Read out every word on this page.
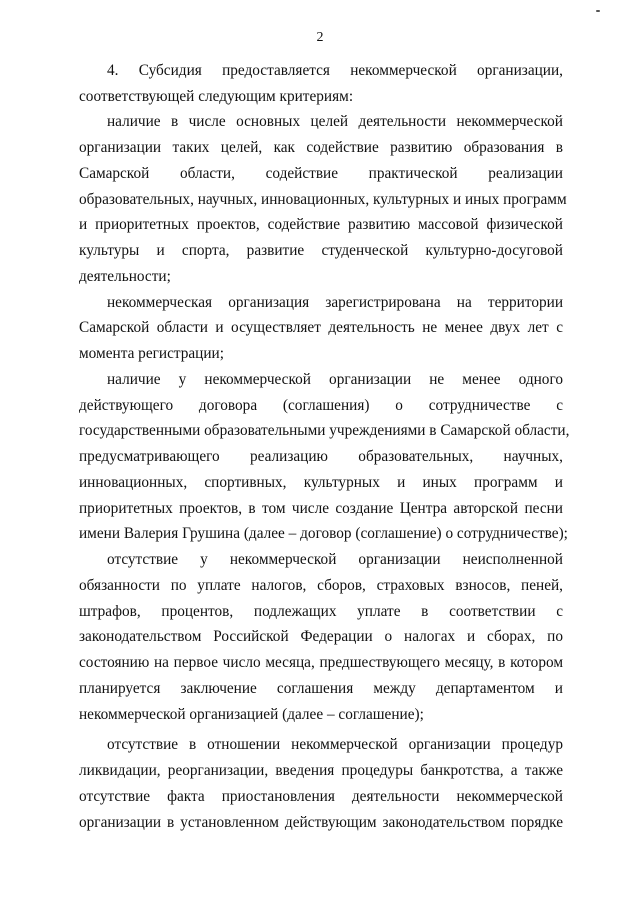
2
4. Субсидия предоставляется некоммерческой организации,
соответствующей следующим критериям:
наличие в числе основных целей деятельности некоммерческой
организации таких целей, как содействие развитию образования в
Самарской области, содействие практической реализации
образовательных, научных, инновационных, культурных и иных программ
и приоритетных проектов, содействие развитию массовой физической
культуры и спорта, развитие студенческой культурно-досуговой
деятельности;
некоммерческая организация зарегистрирована на территории
Самарской области и осуществляет деятельность не менее двух лет с
момента регистрации;
наличие у некоммерческой организации не менее одного
действующего договора (соглашения) о сотрудничестве с
государственными образовательными учреждениями в Самарской области,
предусматривающего реализацию образовательных, научных,
инновационных, спортивных, культурных и иных программ и
приоритетных проектов, в том числе создание Центра авторской песни
имени Валерия Грушина (далее – договор (соглашение) о сотрудничестве);
отсутствие у некоммерческой организации неисполненной
обязанности по уплате налогов, сборов, страховых взносов, пеней,
штрафов, процентов, подлежащих уплате в соответствии с
законодательством Российской Федерации о налогах и сборах, по
состоянию на первое число месяца, предшествующего месяцу, в котором
планируется заключение соглашения между департаментом и
некоммерческой организацией (далее – соглашение);
отсутствие в отношении некоммерческой организации процедур
ликвидации, реорганизации, введения процедуры банкротства, а также
отсутствие факта приостановления деятельности некоммерческой
организации в установленном действующим законодательством порядке
